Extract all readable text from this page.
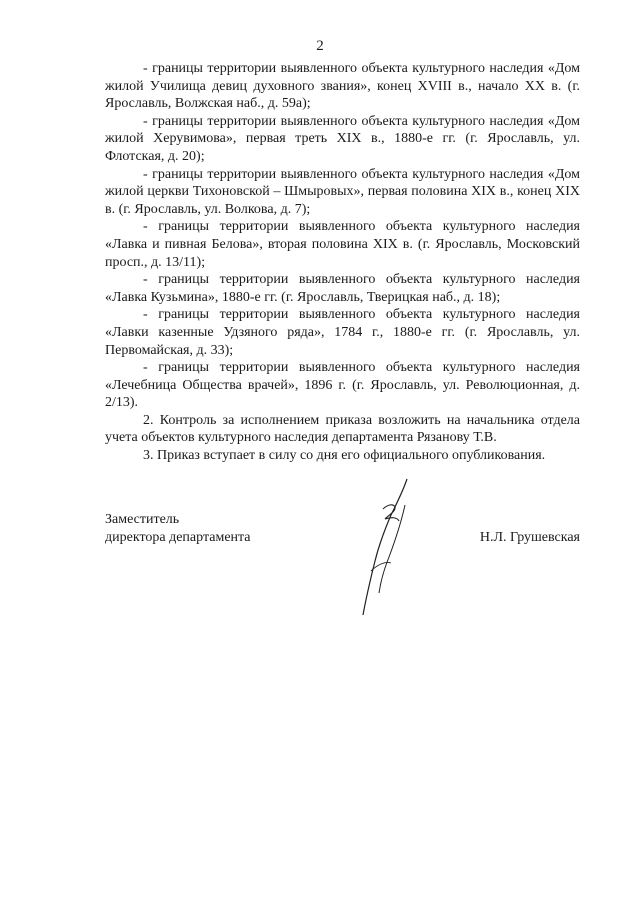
2

- границы территории выявленного объекта культурного наследия «Дом жилой Училища девиц духовного звания», конец XVIII в., начало XX в. (г. Ярославль, Волжская наб., д. 59а);

- границы территории выявленного объекта культурного наследия «Дом жилой Херувимова», первая треть XIX в., 1880-е гг. (г. Ярославль, ул. Флотская, д. 20);

- границы территории выявленного объекта культурного наследия «Дом жилой церкви Тихоновской – Шмыровых», первая половина XIX в., конец XIX в. (г. Ярославль, ул. Волкова, д. 7);

- границы территории выявленного объекта культурного наследия «Лавка и пивная Белова», вторая половина XIX в. (г. Ярославль, Московский просп., д. 13/11);

- границы территории выявленного объекта культурного наследия «Лавка Кузьмина», 1880-е гг. (г. Ярославль, Тверицкая наб., д. 18);

- границы территории выявленного объекта культурного наследия «Лавки казенные Удзяного ряда», 1784 г., 1880-е гг. (г. Ярославль, ул. Первомайская, д. 33);

- границы территории выявленного объекта культурного наследия «Лечебница Общества врачей», 1896 г. (г. Ярославль, ул. Революционная, д. 2/13).

2. Контроль за исполнением приказа возложить на начальника отдела учета объектов культурного наследия департамента Рязанову Т.В.

3. Приказ вступает в силу со дня его официального опубликования.

Заместитель
директора департамента	Н.Л. Грушевская
